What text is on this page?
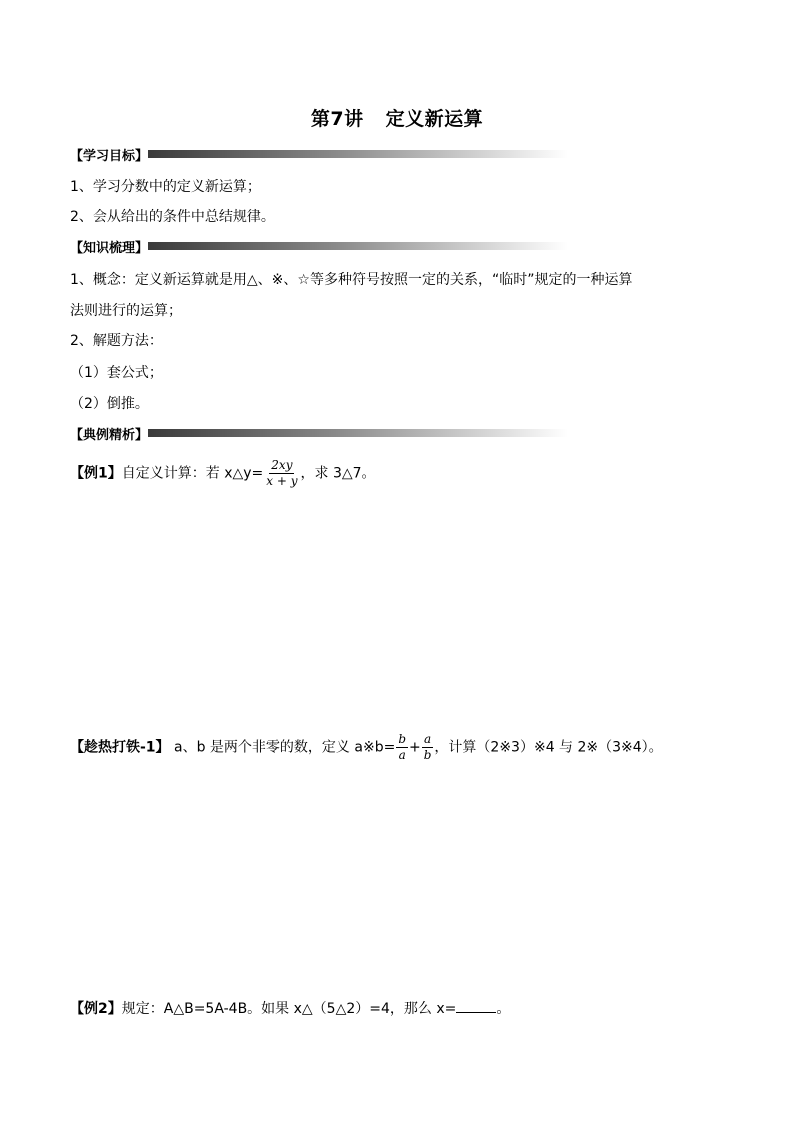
第7讲 定义新运算
【学习目标】
1、学习分数中的定义新运算；
2、会从给出的条件中总结规律。
【知识梳理】
1、概念：定义新运算就是用△、※、☆等多种符号按照一定的关系，“临时”规定的一种运算
法则进行的运算；
2、解题方法：
（1）套公式；
（2）倒推。
【典例精析】
【例1】自定义计算：若 x△y= $\frac{2xy}{x + y}$ ，求 3△7。
【趁热打铁-1】 a、b 是两个非零的数，定义 a※b= $\frac{b}{a} + \frac{a}{b}$ ，计算（2※3）※4 与 2※（3※4）。
【例2】规定：A△B=5A-4B。如果 x△（5△2）=4，那么 x=	。
